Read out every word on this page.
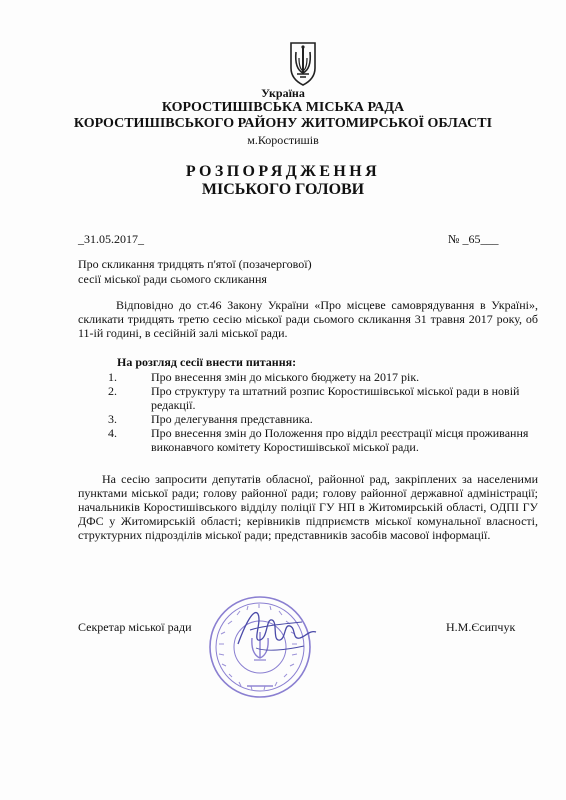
Україна
КОРОСТИШІВСЬКА МІСЬКА РАДА
КОРОСТИШІВСЬКОГО РАЙОНУ ЖИТОМИРСЬКОЇ ОБЛАСТІ
м.Коростишів
РОЗПОРЯДЖЕННЯ
МІСЬКОГО ГОЛОВИ
_31.05.2017_	№ _65___
Про скликання тридцять п'ятої (позачергової)
сесії міської ради сьомого скликання
Відповідно до ст.46 Закону України «Про місцеве самоврядування в Україні», скликати тридцять третю сесію міської ради сьомого скликання 31 травня 2017 року, об 11-ій годині, в сесійній залі міської ради.
На розгляд сесії внести питання:
1.	Про внесення змін до міського бюджету на 2017 рік.
2.	Про структуру та штатний розпис Коростишівської міської ради в новій редакції.
3.	Про делегування представника.
4.	Про внесення змін до Положення про відділ реєстрації місця проживання виконавчого комітету Коростишівської міської ради.
На сесію запросити депутатів обласної, районної рад, закріплених за населеними пунктами міської ради; голову районної ради; голову районної державної адміністрації; начальників Коростишівського відділу поліції ГУ НП в Житомирській області, ОДПІ ГУ ДФС у Житомирській області; керівників підприємств міської комунальної власності, структурних підрозділів міської ради; представників засобів масової інформації.
Секретар міської ради	Н.М.Єсипчук
